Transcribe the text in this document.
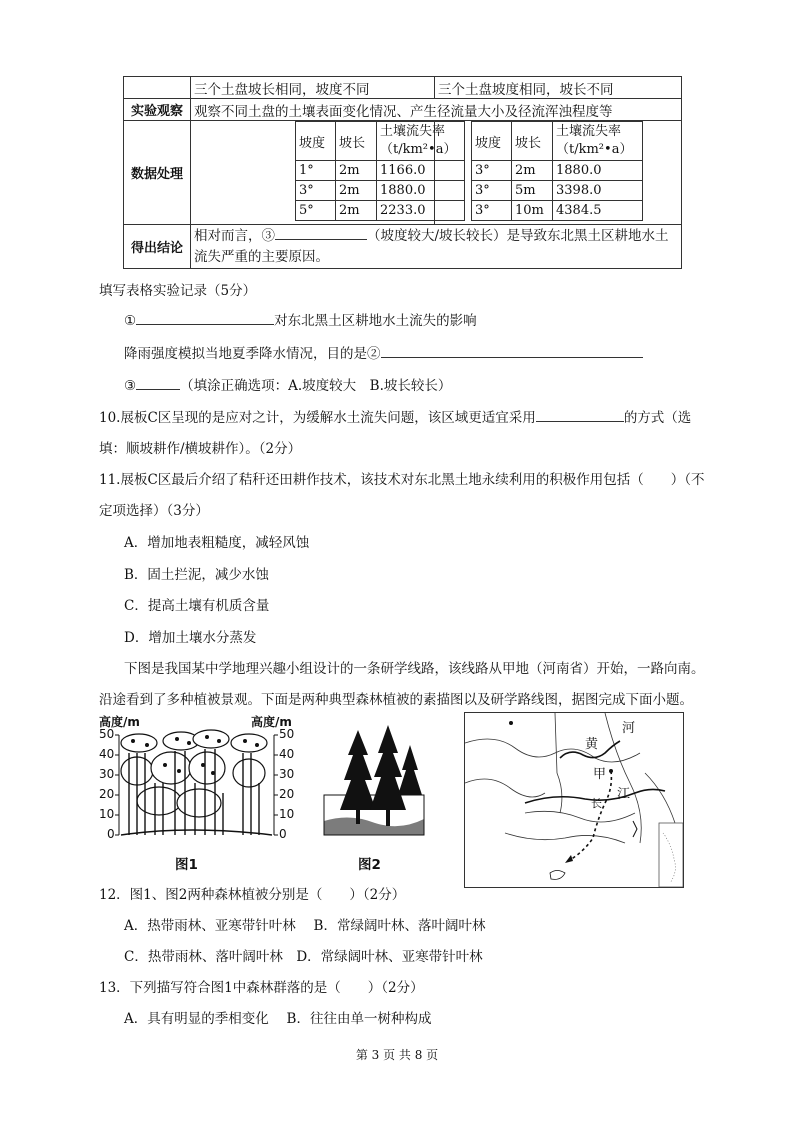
	三个土盘坡长相同，坡度不同	三个土盘坡度相同，坡长不同
实验观察	观察不同土盘的土壤表面变化情况、产生径流量大小及径流浑浊程度等
数据处理	
坡度	坡长	土壤流失率
（t/km²•a）
1°	2m	1166.0
3°	2m	1880.0
5°	2m	2233.0

坡度	坡长	土壤流失率
（t/km²•a）
3°	2m	1880.0
3°	5m	3398.0
3°	10m	4384.5

得出结论	相对而言，③	（坡度较大/坡长较长）是导致东北黑土区耕地水土
流失严重的主要原因。
填写表格实验记录（5分）
①	对东北黑土区耕地水土流失的影响
降雨强度模拟当地夏季降水情况，目的是②
③	（填涂正确选项：A.坡度较大　B.坡长较长）
10.展板C区呈现的是应对之计，为缓解水土流失问题，该区域更适宜采用	的方式（选
填：顺坡耕作/横坡耕作）。（2分）
11.展板C区最后介绍了秸秆还田耕作技术，该技术对东北黑土地永续利用的积极作用包括（　　）（不
定项选择）（3分）
A．增加地表粗糙度，减轻风蚀
B．固土拦泥，减少水蚀
C．提高土壤有机质含量
D．增加土壤水分蒸发
下图是我国某中学地理兴趣小组设计的一条研学线路，该线路从甲地（河南省）开始，一路向南。
沿途看到了多种植被景观。下面是两种典型森林植被的素描图以及研学路线图，据图完成下面小题。
高度/m	高度/m
50
40
30
20
10
0
50
40
30
20
10
0
图1	图2
河
黄
甲
长
江
12．图1、图2两种森林植被分别是（　　）（2分）
A．热带雨林、亚寒带针叶林　 B．常绿阔叶林、落叶阔叶林
C．热带雨林、落叶阔叶林　D．常绿阔叶林、亚寒带针叶林
13．下列描写符合图1中森林群落的是（　　）（2分）
A．具有明显的季相变化　 B．往往由单一树种构成
第 3 页 共 8 页
